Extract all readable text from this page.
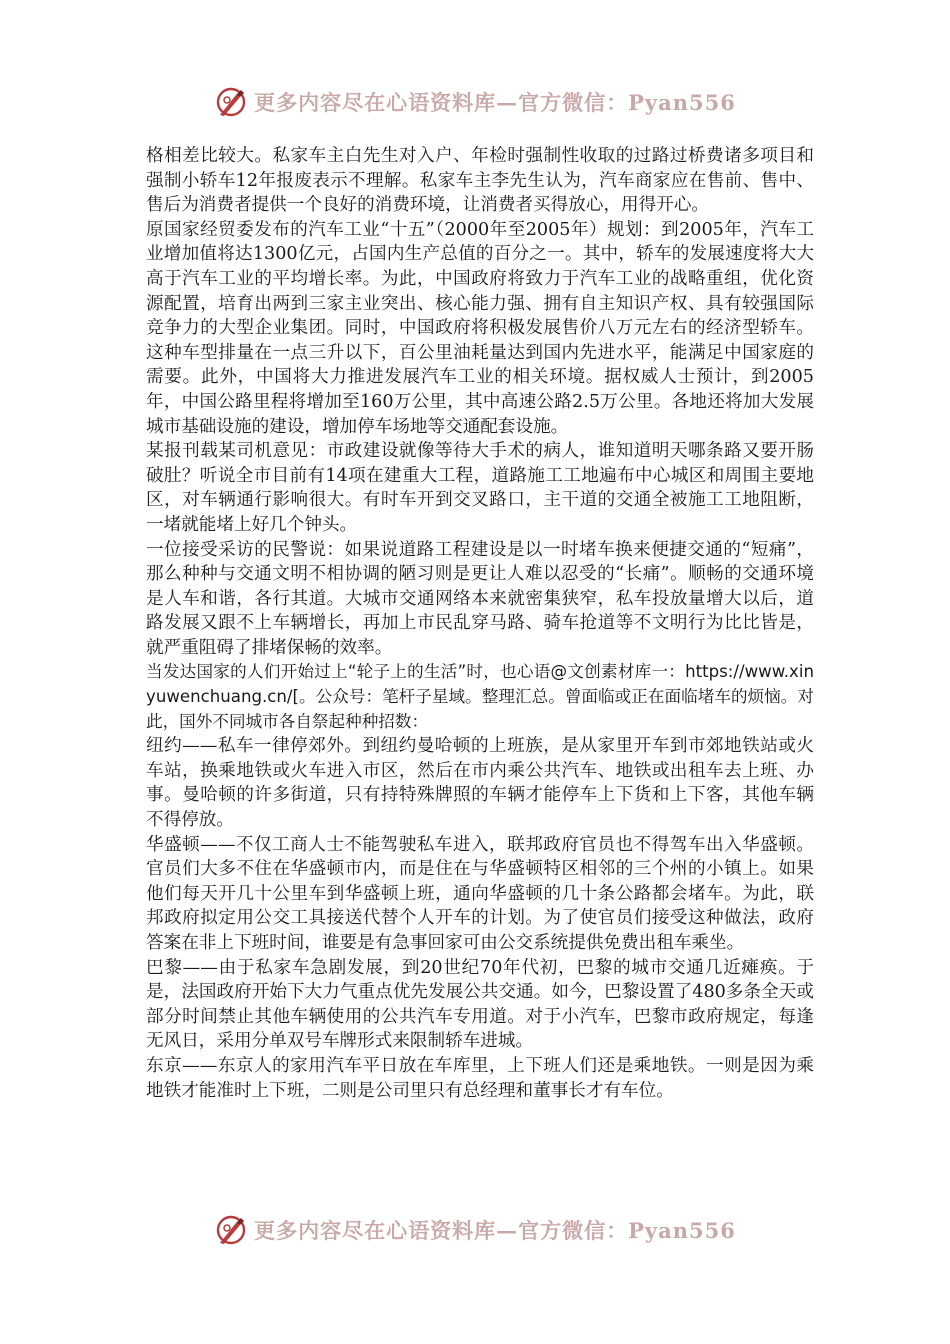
更多内容尽在心语资料库—官方微信：Pyan556

格相差比较大。私家车主白先生对入户、年检时强制性收取的过路过桥费诸多项目和强制小轿车12年报废表示不理解。私家车主李先生认为，汽车商家应在售前、售中、售后为消费者提供一个良好的消费环境，让消费者买得放心，用得开心。

原国家经贸委发布的汽车工业“十五”（2000年至2005年）规划：到2005年，汽车工业增加值将达1300亿元，占国内生产总值的百分之一。其中，轿车的发展速度将大大高于汽车工业的平均增长率。为此，中国政府将致力于汽车工业的战略重组，优化资源配置，培育出两到三家主业突出、核心能力强、拥有自主知识产权、具有较强国际竞争力的大型企业集团。同时，中国政府将积极发展售价八万元左右的经济型轿车。这种车型排量在一点三升以下，百公里油耗量达到国内先进水平，能满足中国家庭的需要。此外，中国将大力推进发展汽车工业的相关环境。据权威人士预计，到2005年，中国公路里程将增加至160万公里，其中高速公路2.5万公里。各地还将加大发展城市基础设施的建设，增加停车场地等交通配套设施。

某报刊载某司机意见：市政建设就像等待大手术的病人，谁知道明天哪条路又要开肠破肚？听说全市目前有14项在建重大工程，道路施工工地遍布中心城区和周围主要地区，对车辆通行影响很大。有时车开到交叉路口，主干道的交通全被施工工地阻断，一堵就能堵上好几个钟头。

一位接受采访的民警说：如果说道路工程建设是以一时堵车换来便捷交通的“短痛”，那么种种与交通文明不相协调的陋习则是更让人难以忍受的“长痛”。顺畅的交通环境是人车和谐，各行其道。大城市交通网络本来就密集狭窄，私车投放量增大以后，道路发展又跟不上车辆增长，再加上市民乱穿马路、骑车抢道等不文明行为比比皆是，就严重阻碍了排堵保畅的效率。

当发达国家的人们开始过上“轮子上的生活”时，也心语@文创素材库一：https://www.xinyuwenchuang.cn/[。公众号：笔杆子星域。整理汇总。曾面临或正在面临堵车的烦恼。对此，国外不同城市各自祭起种种招数：

纽约——私车一律停郊外。到纽约曼哈顿的上班族，是从家里开车到市郊地铁站或火车站，换乘地铁或火车进入市区，然后在市内乘公共汽车、地铁或出租车去上班、办事。曼哈顿的许多街道，只有持特殊牌照的车辆才能停车上下货和上下客，其他车辆不得停放。

华盛顿——不仅工商人士不能驾驶私车进入，联邦政府官员也不得驾车出入华盛顿。官员们大多不住在华盛顿市内，而是住在与华盛顿特区相邻的三个州的小镇上。如果他们每天开几十公里车到华盛顿上班，通向华盛顿的几十条公路都会堵车。为此，联邦政府拟定用公交工具接送代替个人开车的计划。为了使官员们接受这种做法，政府答案在非上下班时间，谁要是有急事回家可由公交系统提供免费出租车乘坐。

巴黎——由于私家车急剧发展，到20世纪70年代初，巴黎的城市交通几近瘫痪。于是，法国政府开始下大力气重点优先发展公共交通。如今，巴黎设置了480多条全天或部分时间禁止其他车辆使用的公共汽车专用道。对于小汽车，巴黎市政府规定，每逢无风日，采用分单双号车牌形式来限制轿车进城。

东京——东京人的家用汽车平日放在车库里，上下班人们还是乘地铁。一则是因为乘地铁才能准时上下班，二则是公司里只有总经理和董事长才有车位。

更多内容尽在心语资料库—官方微信：Pyan556
